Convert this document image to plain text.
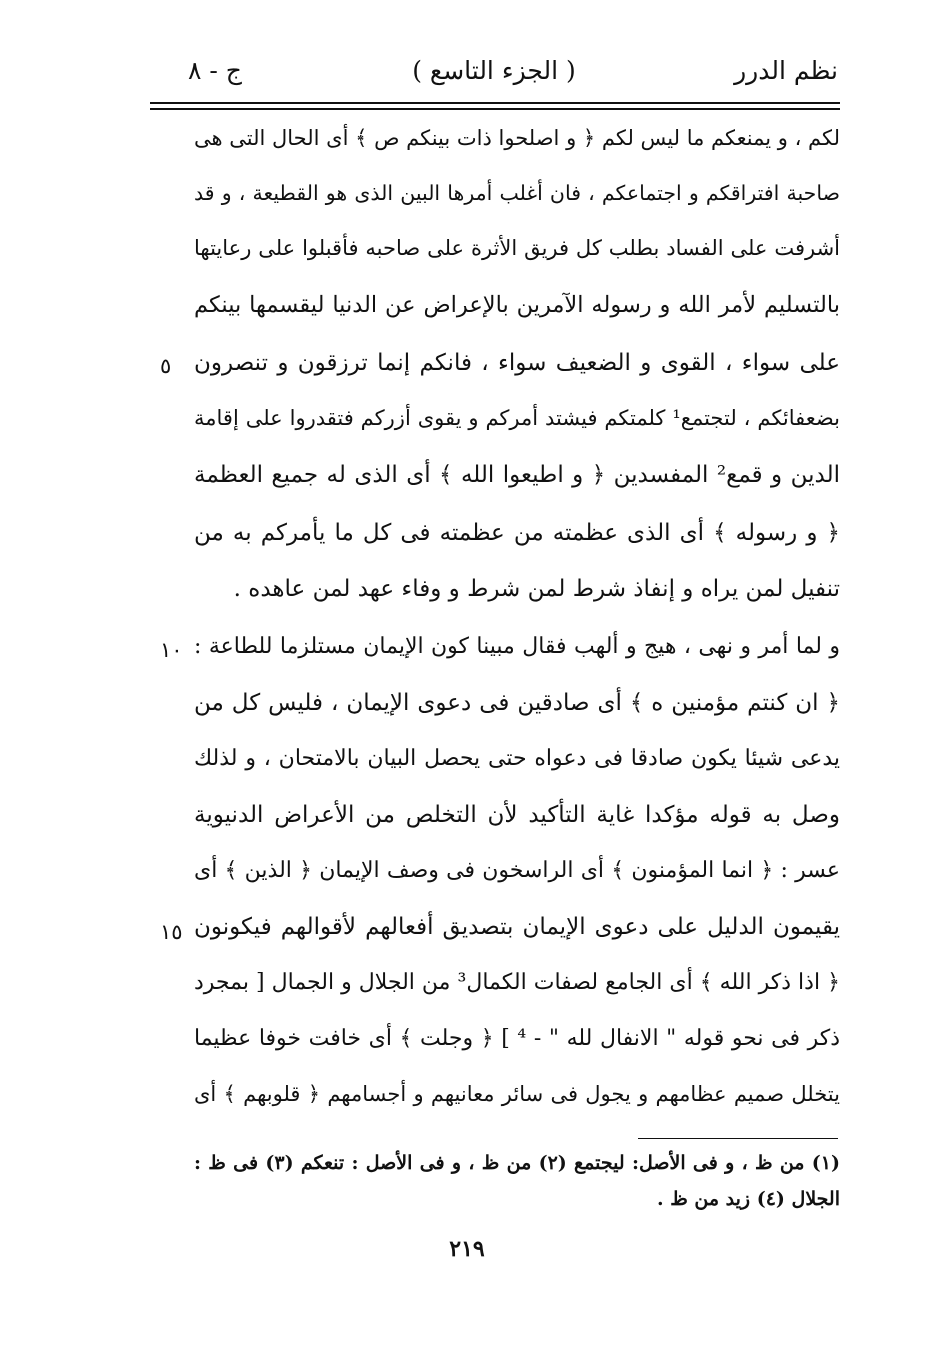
نظم الدرر
( الجزء التاسع )
ج - ٨
لكم ، و يمنعكم ما ليس لكم ﴿ و اصلحوا ذات بينكم ص ﴾ أى الحال التى هى
صاحبة افتراقكم و اجتماعكم ، فان أغلب أمرها البين الذى هو القطيعة ، و قد
أشرفت على الفساد بطلب كل فريق الأثرة على صاحبه فأقبلوا على رعايتها
بالتسليم لأمر الله و رسوله الآمرين بالإعراض عن الدنيا ليقسمها بينكم
على سواء ، القوى و الضعيف سواء ، فانكم إنما ترزقون و تنصرون
٥
بضعفائكم ، لتجتمع¹ كلمتكم فيشتد أمركم و يقوى أزركم فتقدروا على إقامة
الدين و قمع² المفسدين ﴿ و اطيعوا الله ﴾ أى الذى له جميع العظمة
﴿ و رسوله ﴾ أى الذى عظمته من عظمته فى كل ما يأمركم به من
تنفيل لمن يراه و إنفاذ شرط لمن شرط و وفاء عهد لمن عاهده .
و لما أمر و نهى ، هيج و ألهب فقال مبينا كون الإيمان مستلزما للطاعة :
١٠
﴿ ان كنتم مؤمنين ه ﴾ أى صادقين فى دعوى الإيمان ، فليس كل من
يدعى شيئا يكون صادقا فى دعواه حتى يحصل البيان بالامتحان ، و لذلك
وصل به قوله مؤكدا غاية التأكيد لأن التخلص من الأعراض الدنيوية
عسر : ﴿ انما المؤمنون ﴾ أى الراسخون فى وصف الإيمان ﴿ الذين ﴾ أى
يقيمون الدليل على دعوى الإيمان بتصديق أفعالهم لأقوالهم فيكونون
١٥
﴿ اذا ذكر الله ﴾ أى الجامع لصفات الكمال³ من الجلال و الجمال [ بمجرد
ذكر فى نحو قوله " الانفال لله " - ⁴ ] ﴿ وجلت ﴾ أى خافت خوفا عظيما
يتخلل صميم عظامهم و يجول فى سائر معانيهم و أجسامهم ﴿ قلوبهم ﴾ أى
(١) من ظ ، و فى الأصل: ليجتمع (٢) من ظ ، و فى الأصل : تنعكم (٣) فى ظ :
الجلال (٤) زيد من ظ .
٢١٩
